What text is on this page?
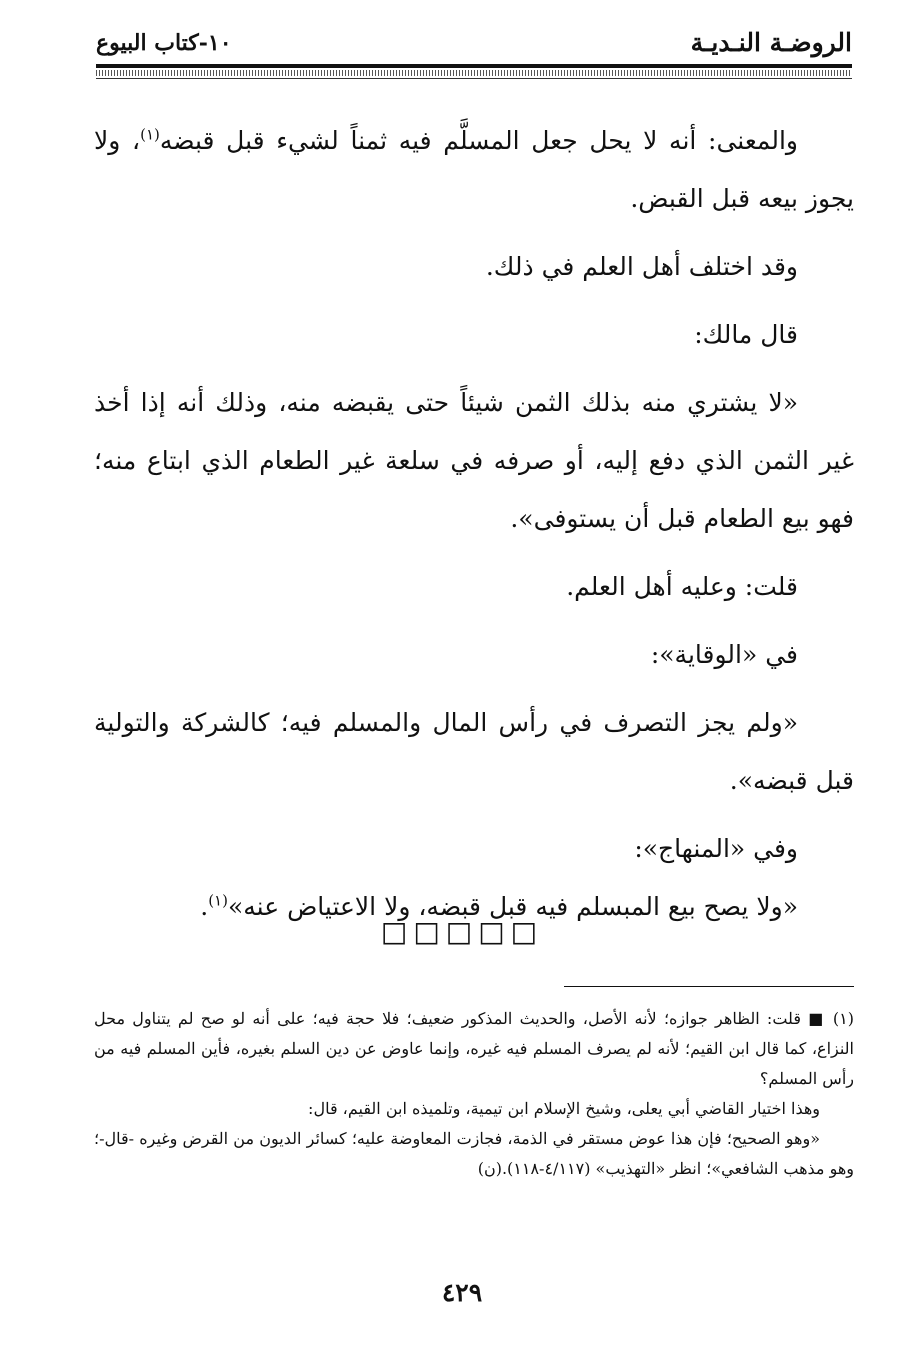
الروضـة النـديـة
١٠-كتاب البيوع

والمعنى: أنه لا يحل جعل المسلَّم فيه ثمناً لشيء قبل قبضه$^{(١)}$، ولا يجوز بيعه قبل القبض.

وقد اختلف أهل العلم في ذلك.

قال مالك:

«لا يشتري منه بذلك الثمن شيئاً حتى يقبضه منه، وذلك أنه إذا أخذ غير الثمن الذي دفع إليه، أو صرفه في سلعة غير الطعام الذي ابتاع منه؛ فهو بيع الطعام قبل أن يستوفى».

قلت: وعليه أهل العلم.

في «الوقاية»:

«ولم يجز التصرف في رأس المال والمسلم فيه؛ كالشركة والتولية قبل قبضه».

وفي «المنهاج»:

«ولا يصح بيع المبسلم فيه قبل قبضه، ولا الاعتياض عنه»$^{(١)}$.

□□□□□

(١) ■ قلت: الظاهر جوازه؛ لأنه الأصل، والحديث المذكور ضعيف؛ فلا حجة فيه؛ على أنه لو صح لم يتناول محل النزاع، كما قال ابن القيم؛ لأنه لم يصرف المسلم فيه غيره، وإنما عاوض عن دين السلم بغيره، فأين المسلم فيه من رأس المسلم؟

وهذا اختيار القاضي أبي يعلى، وشيخ الإسلام ابن تيمية، وتلميذه ابن القيم، قال:

«وهو الصحيح؛ فإن هذا عوض مستقر في الذمة، فجازت المعاوضة عليه؛ كسائر الديون من القرض وغيره -قال-؛ وهو مذهب الشافعي»؛ انظر «التهذيب» (٤/١١٧-١١٨).(ن)

٤٢٩
